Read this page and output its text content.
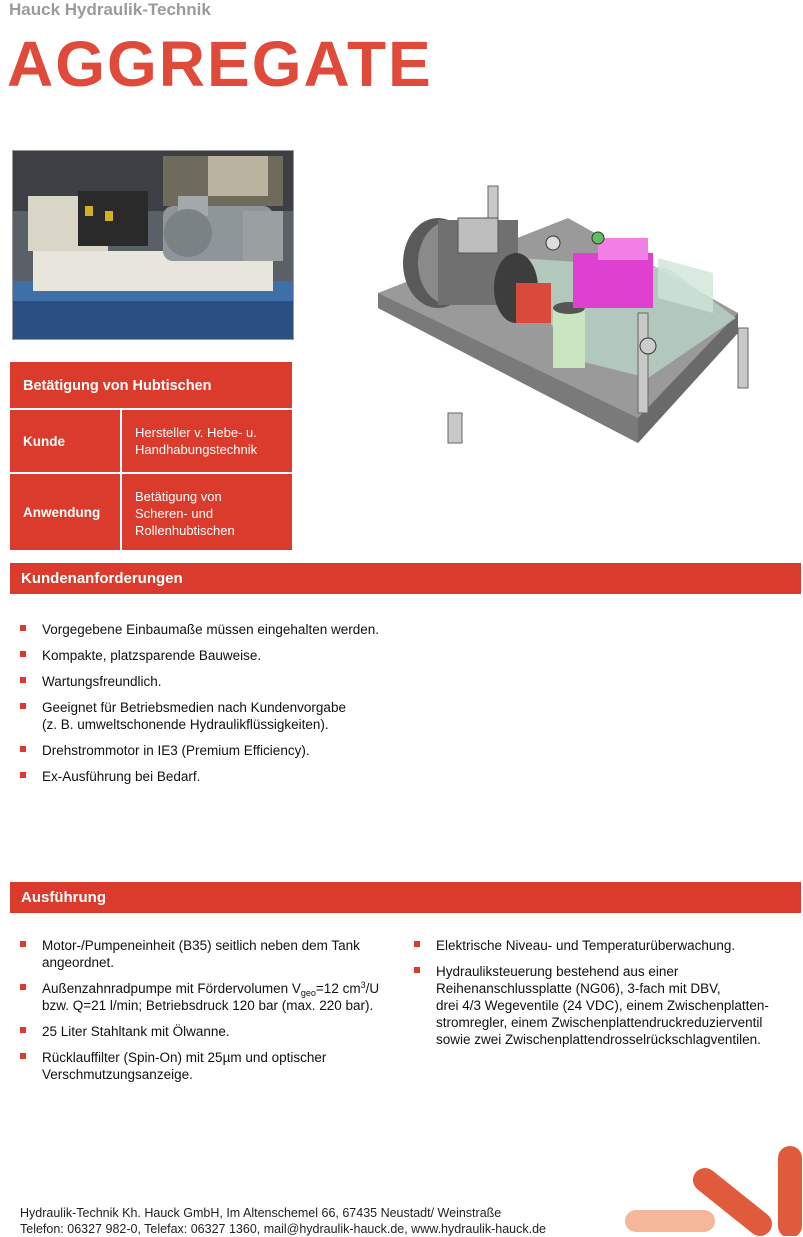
Hauck Hydraulik-Technik
AGGREGATE
Betätigung von Hubtischen
Kunde
Hersteller v. Hebe- u.
Handhabungstechnik
Anwendung
Betätigung von
Scheren- und
Rollenhubtischen
Kundenanforderungen
Vorgegebene Einbaumaße müssen eingehalten werden.
Kompakte, platzsparende Bauweise.
Wartungsfreundlich.
Geeignet für Betriebsmedien nach Kundenvorgabe
(z. B. umweltschonende Hydraulikflüssigkeiten).
Drehstrommotor in IE3 (Premium Efficiency).
Ex-Ausführung bei Bedarf.
Ausführung
Motor-/Pumpeneinheit (B35) seitlich neben dem Tank
angeordnet.
Außenzahnradpumpe mit Fördervolumen $V_{geo}=12$ $cm^3/U$
bzw. Q=21 l/min; Betriebsdruck 120 bar (max. 220 bar).
25 Liter Stahltank mit Ölwanne.
Rücklauffilter (Spin-On) mit 25µm und optischer
Verschmutzungsanzeige.
Elektrische Niveau- und Temperaturüberwachung.
Hydrauliksteuerung bestehend aus einer
Reihenanschlussplatte (NG06), 3-fach mit DBV,
drei 4/3 Wegeventile (24 VDC), einem Zwischenplatten-
stromregler, einem Zwischenplattendruckreduzierventil
sowie zwei Zwischenplattendrosselrückschlagventilen.
Hydraulik-Technik Kh. Hauck GmbH, Im Altenschemel 66, 67435 Neustadt/ Weinstraße
Telefon: 06327 982-0, Telefax: 06327 1360, mail@hydraulik-hauck.de, www.hydraulik-hauck.de
